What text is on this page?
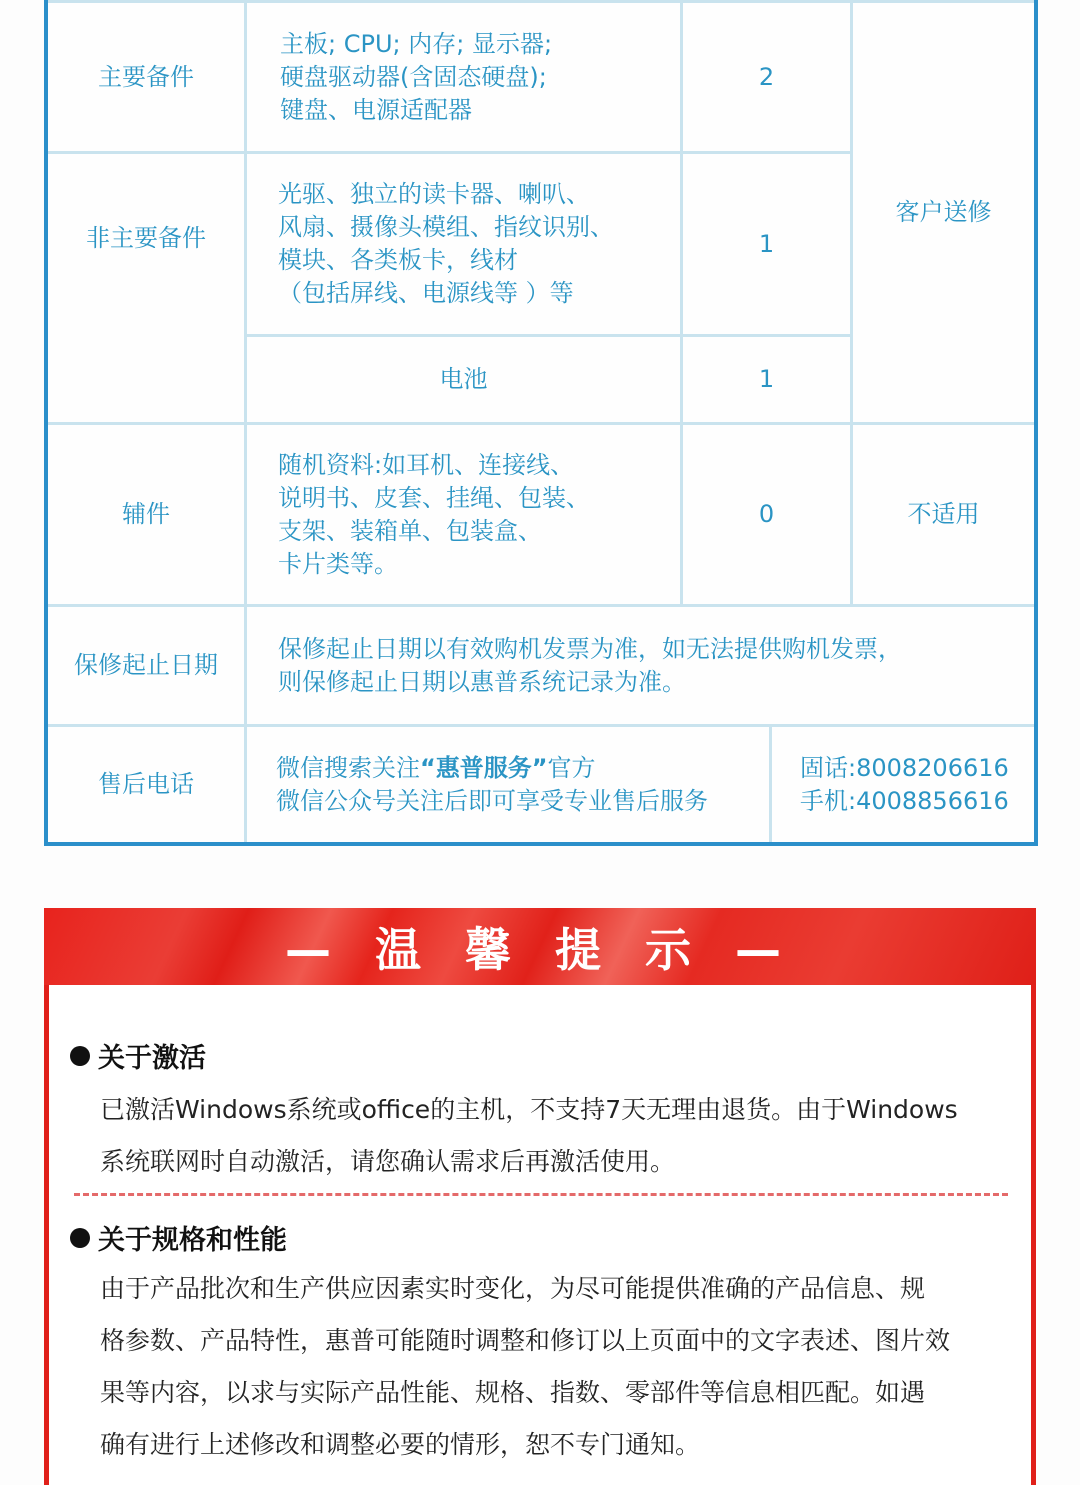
主要备件
主板; CPU; 内存; 显示器;
硬盘驱动器(含固态硬盘);
键盘、电源适配器
2
非主要备件
光驱、独立的读卡器、喇叭、
风扇、摄像头模组、指纹识别、
模块、各类板卡，线材
（包括屏线、电源线等 ）等
1
电池	1
客户送修
辅件
随机资料:如耳机、连接线、
说明书、皮套、挂绳、包装、
支架、装箱单、包装盒、
卡片类等。
0	不适用
保修起止日期
保修起止日期以有效购机发票为准，如无法提供购机发票，
则保修起止日期以惠普系统记录为准。
售后电话
微信搜索关注“惠普服务”官方
微信公众号关注后即可享受专业售后服务
固话:8008206616
手机:4008856616
— 温 馨 提 示 —
关于激活
已激活Windows系统或office的主机，不支持7天无理由退货。由于Windows
系统联网时自动激活，请您确认需求后再激活使用。
关于规格和性能
由于产品批次和生产供应因素实时变化，为尽可能提供准确的产品信息、规
格参数、产品特性，惠普可能随时调整和修订以上页面中的文字表述、图片效
果等内容，以求与实际产品性能、规格、指数、零部件等信息相匹配。如遇
确有进行上述修改和调整必要的情形，恕不专门通知。
